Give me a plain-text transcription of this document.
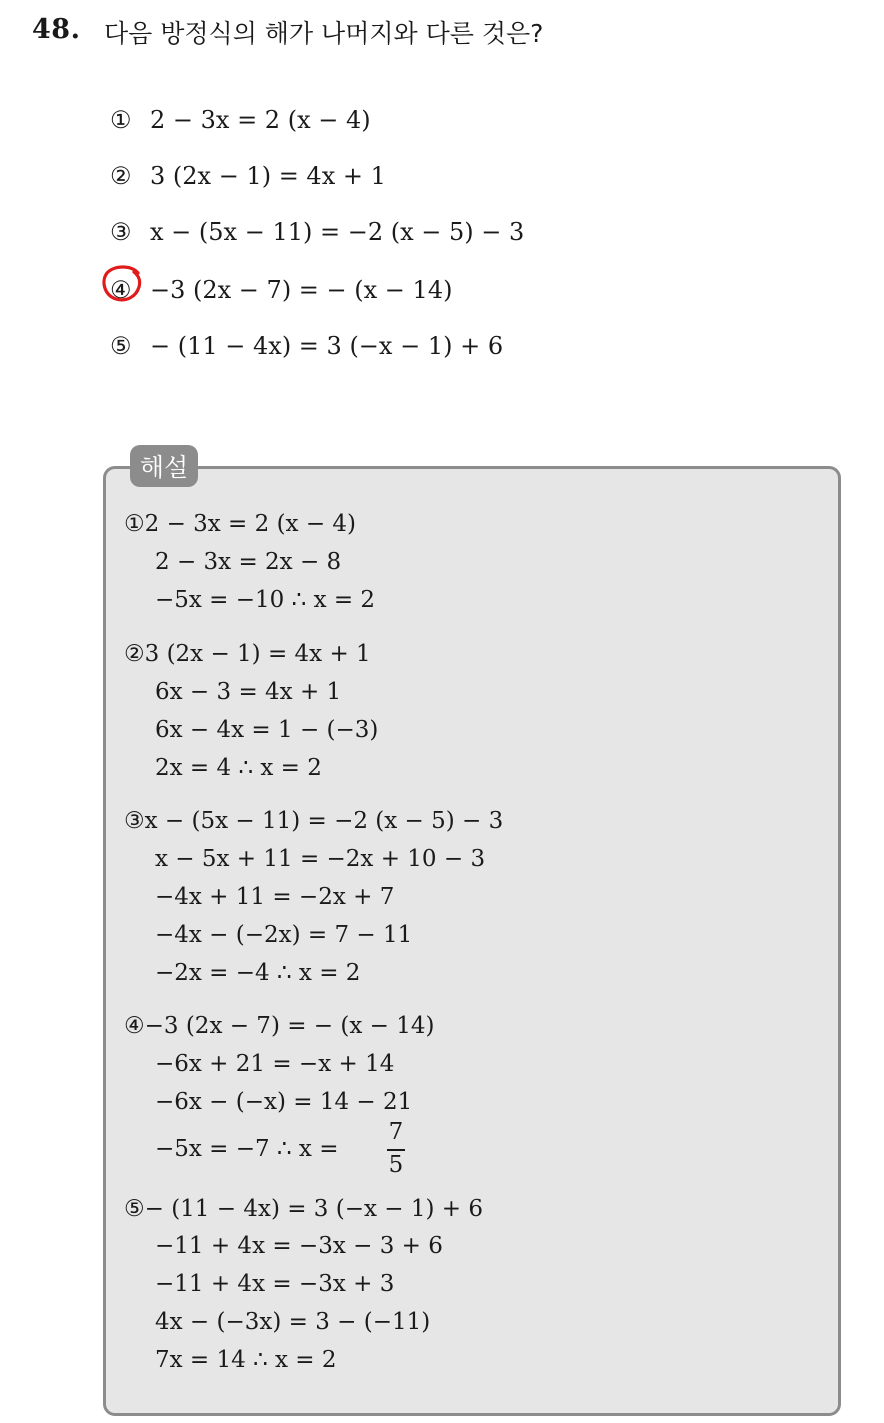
48. 다음 방정식의 해가 나머지와 다른 것은?
① 2 − 3x = 2 (x − 4)
② 3 (2x − 1) = 4x + 1
③ x − (5x − 11) = −2 (x − 5) − 3
④ −3 (2x − 7) = − (x − 14)
⑤ − (11 − 4x) = 3 (−x − 1) + 6
해설
①2 − 3x = 2 (x − 4)
2 − 3x = 2x − 8
−5x = −10 ∴ x = 2
②3 (2x − 1) = 4x + 1
6x − 3 = 4x + 1
6x − 4x = 1 − (−3)
2x = 4 ∴ x = 2
③x − (5x − 11) = −2 (x − 5) − 3
x − 5x + 11 = −2x + 10 − 3
−4x + 11 = −2x + 7
−4x − (−2x) = 7 − 11
−2x = −4 ∴ x = 2
④−3 (2x − 7) = − (x − 14)
−6x + 21 = −x + 14
−6x − (−x) = 14 − 21
−5x = −7 ∴ x =
7
5
⑤− (11 − 4x) = 3 (−x − 1) + 6
−11 + 4x = −3x − 3 + 6
−11 + 4x = −3x + 3
4x − (−3x) = 3 − (−11)
7x = 14 ∴ x = 2
